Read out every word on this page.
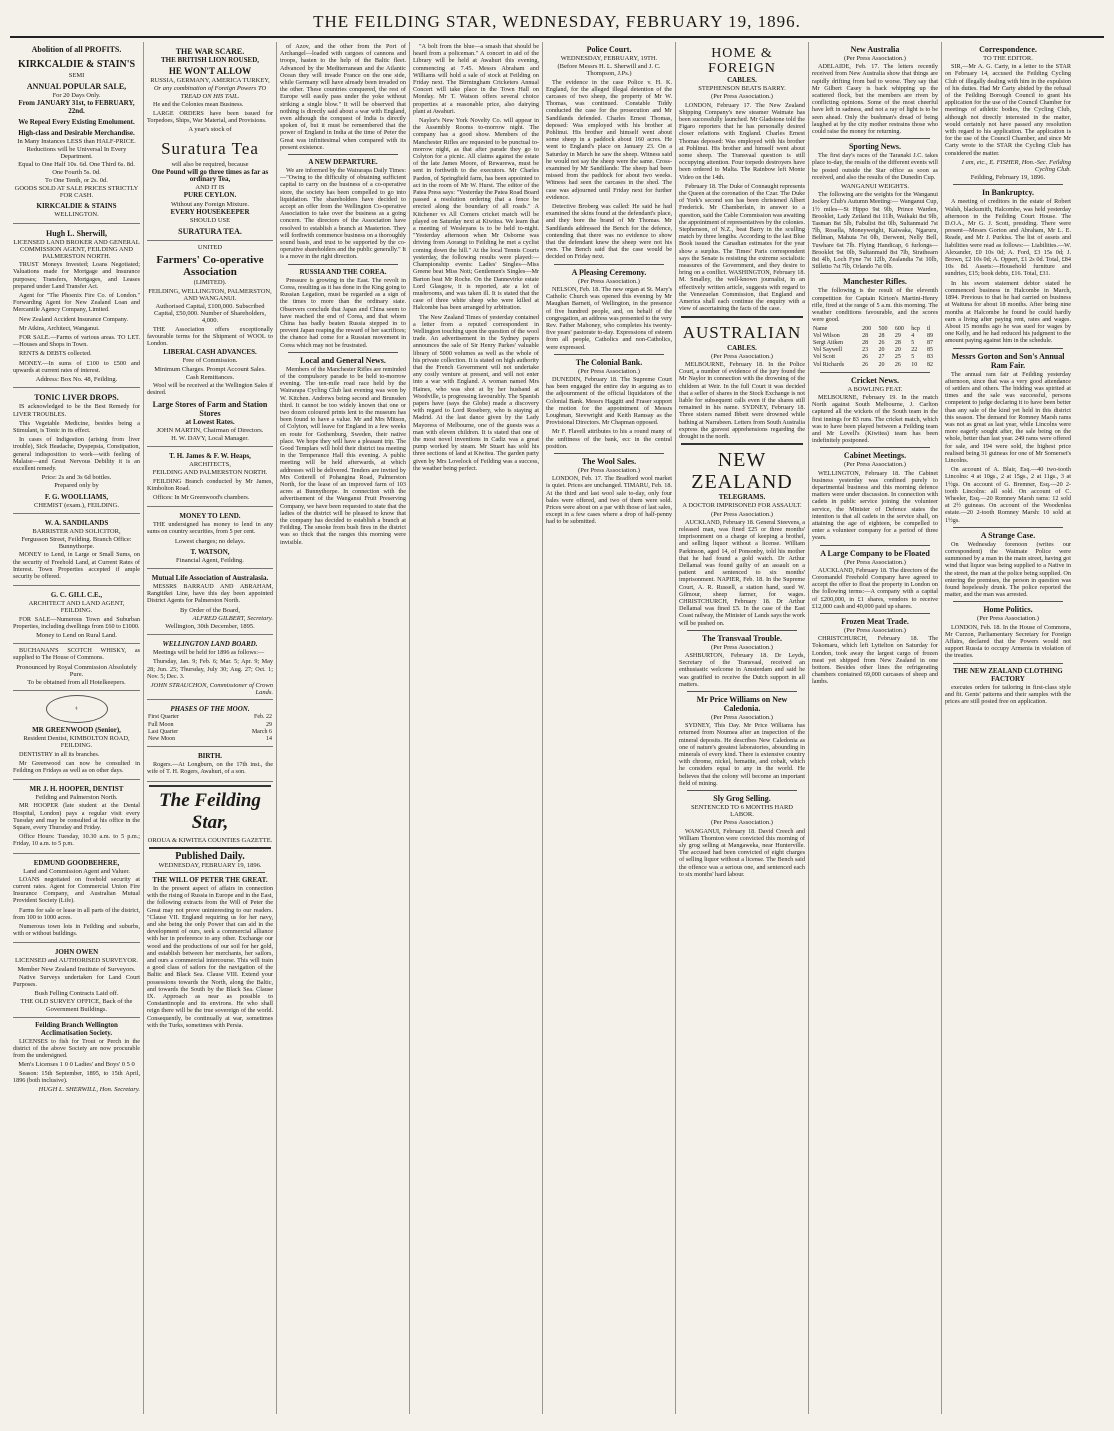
THE FEILDING STAR, WEDNESDAY, FEBRUARY 19, 1896.
Abolition of all PROFITS.
KIRKCALDIE & STAIN'S
SEMI
ANNUAL POPULAR SALE,
For 20 Days Only.
From JANUARY 31st, to FEBRUARY, 22nd.
We Repeal Every Existing Emolument.
High-class and Desirable Merchandise.
In Many Instances LESS than HALF-PRICE.
Reductions will be Universal In Every Department.
Equal to One Half 10s. 6d. One Third 6s. 8d. One Fourth 5s. 0d.
To One Tenth, or 2s. 0d.
GOODS SOLD AT SALE PRICES STRICTLY FOR CASH.
KIRKCALDIE & STAINS
WELLINGTON.
Hugh L. Sherwill,
LICENSED LAND BROKER AND GENERAL COMMISSION AGENT, FEILDING AND PALMERSTON NORTH.

TRUST Moneys Invested; Loans Negotiated; Valuations made for Mortgage and Insurance purposes; Transfers, Mortgages, and Leases prepared under Land Transfer Act.

Agent for "The Phoenix Fire Co. of London." Forwarding Agent for New Zealand Loan and Mercantile Agency Company, Limited.

New Zealand Accident Insurance Company.

Mr Atkins, Architect, Wanganui.

FOR SALE.—Farms of various areas. TO LET.—Houses and Shops in Town.

RENTS & DEBTS collected.

MONEY.—In sums of £100 to £500 and upwards at current rates of interest.

Address: Box No. 48, Feilding.
TONIC LIVER DROPS.

IS acknowledged to be the Best Remedy for LIVER TROUBLES.

This Vegetable Medicine, besides being a Stimulant, is Tonic in its effect.

In cases of Indigestion (arising from liver trouble), Sick Headache, Dyspepsia, Constipation, general indisposition to work—with feeling of Malaise—and Great Nervous Debility it is an excellent remedy.

Price: 2s and 3s 6d bottles.
Prepared only by
F. G. WOOLLIAMS,
CHEMIST (exam.), FEILDING.
W. A. SANDILANDS
BARRISTER AND SOLICITOR,
Fergusson Street, Feilding. Branch Office: Bunnythorpe.

MONEY to Lend, in Large or Small Sums, on the security of Freehold Land, at Current Rates of Interest. Town Properties accepted if ample security be offered.

G. C. GILL C.E.,
ARCHITECT AND LAND AGENT, FEILDING.

FOR SALE—Numerous Town and Suburban Properties, including dwellings from £60 to £1000.

Money to Lend on Rural Land.

BUCHANAN'S SCOTCH WHISKY, as supplied to The House of Commons.

Pronounced by Royal Commission Absolutely Pure.
To be obtained from all Hotelkeepers.
⚕
MR GREENWOOD (Senior),
Resident Dentist, KIMBOLTON ROAD, FEILDING.

DENTISTRY in all its branches.

Mr Greenwood can now be consulted in Feilding on Fridays as well as on other days.

MR J. H. HOOPER, DENTIST
Feilding and Palmerston North.

MR HOOPER (late student at the Dental Hospital, London) pays a regular visit every Tuesday and may be consulted at his office in the Square, every Thursday and Friday.

Office Hours: Tuesday, 10.30 a.m. to 5 p.m.; Friday, 10 a.m. to 5 p.m.

EDMUND GOODBEHERE,
Land and Commission Agent and Valuer.

LOANS negotiated on freehold security at current rates. Agent for Commercial Union Fire Insurance Company, and Australian Mutual Provident Society (Life).

Farms for sale or lease in all parts of the district, from 100 to 1000 acres.

Numerous town lots in Feilding and suburbs, with or without buildings.

JOHN OWEN
LICENSED and AUTHORISED SURVEYOR.
Member New Zealand Institute of Surveyors.

Native Surveys undertaken for Land Court Purposes.

Bush Felling Contracts Laid off.
THE OLD SURVEY OFFICE, Back of the Government Buildings.
Feilding Branch Wellington Acclimatisation Society.

LICENSES to fish for Trout or Perch in the district of the above Society are now procurable from the undersigned.

Men's Licenses 1 0 0 Ladies' and Boys' 0 5 0

Season: 15th September, 1895, to 15th April, 1896 (both inclusive).

HUGH L. SHERWILL, Hon. Secretary.
THE WAR SCARE.
THE BRITISH LION ROUSED,
HE WON'T ALLOW
RUSSIA, GERMANY, AMERICA TURKEY,
Or any combination of Foreign Powers TO TREAD ON HIS TAIL.

He and the Colonies mean Business.

LARGE ORDERS have been issued for Torpedoes, Ships, War Material, and Provisions.

A year's stock of
Suratura Tea
will also be required, because
One Pound will go three times as far as ordinary Tea,
AND IT IS
PURE CEYLON.
Without any Foreign Mixture.
EVERY HOUSEKEEPER
SHOULD USE
SURATURA TEA.
UNITED
Farmers' Co-operative Association
(LIMITED).
FEILDING, WELLINGTON, PALMERSTON, AND WANGANUI.
Authorised Capital, £100,000. Subscribed Capital, £50,000. Number of Shareholders, 4,000.

THE Association offers exceptionally favourable terms for the Shipment of WOOL to London.

LIBERAL CASH ADVANCES.
Free of Commission.
Minimum Charges. Prompt Account Sales.
Cash Remittances.

Wool will be received at the Wellington Sales if desired.

Large Stores of Farm and Station Stores
at Lowest Rates.
JOHN MARTIN, Chairman of Directors.
H. W. DAVY, Local Manager.
T. H. James & F. W. Heaps,
ARCHITECTS,
FEILDING AND PALMERSTON NORTH.

FEILDING Branch conducted by Mr James, Kimbolton Road.

Offices: In Mr Greenwood's chambers.

MONEY TO LEND.

THE undersigned has money to lend in any sums on country securities, from 5 per cent.

Lowest charges; no delays.
T. WATSON,
Financial Agent, Feilding.
Mutual Life Association of Australasia.

MESSRS BARRAUD AND ABRAHAM, Rangitikei Line, have this day been appointed District Agents for Palmerston North.

By Order of the Board,
ALFRED GILBERT, Secretary.
Wellington, 30th December, 1895.
WELLINGTON LAND BOARD.

Meetings will be held for 1896 as follows:—

Thursday, Jan. 9; Feb. 6; Mar. 5; Apr. 9; May 28; Jun. 25; Thursday, July 30; Aug. 27; Oct. 1; Nov. 5; Dec. 3.

JOHN STRAUCHON, Commissioner of Crown Lands.
PHASES OF THE MOON.
First Quarter	Feb. 22
Full Moon	29
Last Quarter	March 6
New Moon	14
BIRTH.

Rogers.—At Longburn, on the 17th inst., the wife of T. H. Rogers, Awahuri, of a son.

The Feilding Star,
OROUA & KIWITEA COUNTIES GAZETTE.
Published Daily.
WEDNESDAY, FEBRUARY 19, 1896.
THE WILL OF PETER THE GREAT.

In the present aspect of affairs in connection with the rising of Russia in Europe and in the East, the following extracts from the Will of Peter the Great may not prove uninteresting to our readers. "Clause VII. England requiring us for her navy, and she being the only Power that can aid in the development of ours, seek a commercial alliance with her in preference to any other. Exchange our wood and the productions of our soil for her gold, and establish between her merchants, her sailors, and ours a commercial intercourse. This will train a good class of sailors for the navigation of the Baltic and Black Sea. Clause VIII. Extend your possessions towards the North, along the Baltic, and towards the South by the Black Sea. Clause IX. Approach as near as possible to Constantinople and its environs. He who shall reign there will be the true sovereign of the world. Consequently, be continually at war, sometimes with the Turks, sometimes with Persia.

of Azov, and the other from the Port of Archangel—loaded with cargoes of cannons and troops, hasten to the help of the Baltic fleet. Advanced by the Mediterranean and the Atlantic Ocean they will invade France on the one side, while Germany will have already been invaded on the other. These countries conquered, the rest of Europe will easily pass under the yoke without striking a single blow." It will be observed that nothing is directly said about a war with England, even although the conquest of India is directly spoken of, but it must be remembered that the power of England in India at the time of Peter the Great was infinitesimal when compared with its present existence.

A NEW DEPARTURE.

We are informed by the Wairarapa Daily Times:—"Owing to the difficulty of obtaining sufficient capital to carry on the business of a co-operative store, the society has been compelled to go into liquidation. The shareholders have decided to accept an offer from the Wellington Co-operative Association to take over the business as a going concern. The directors of the Association have resolved to establish a branch at Masterton. They will forthwith commence business on a thoroughly sound basis, and trust to be supported by the co-operative shareholders and the public generally." It is a move in the right direction.

RUSSIA AND THE COREA.

Pressure is growing in the East. The revolt in Corea, resulting as it has done in the King going to Russian Legation, must be regarded as a sign of the times to more than the ordinary state. Observers conclude that Japan and China seem to have reached the end of Corea, and that whom China has badly beaten Russia stepped in to prevent Japan reaping the reward of her sacrifices; the chance had come for a Russian movement in Corea which may not be frustrated.

Local and General News.

Members of the Manchester Rifles are reminded of the compulsory parade to be held to-morrow evening. The ten-mile road race held by the Wairarapa Cycling Club last evening was won by W. Kitchen. Andrews being second and Brunsden third. It cannot be too widely known that one or two dozen coloured prints lent to the museum has been found to have a value. Mr and Mrs Mitson, of Colyton, will leave for England in a few weeks en route for Gothenburg, Sweden, their native place. We hope they will have a pleasant trip. The Good Templars will hold their district tea meeting in the Temperance Hall this evening. A public meeting will be held afterwards, at which addresses will be delivered. Tenders are invited by Mrs Cotterell of Pohangina Road, Palmerston North, for the lease of an improved farm of 103 acres at Bunnythorpe. In connection with the advertisement of the Wanganui Fruit Preserving Company, we have been requested to state that the ladies of the district will be pleased to know that the company has decided to establish a branch at Feilding. The smoke from bush fires in the district was so thick that the ranges this morning were invisible.

"A bolt from the blue—a smash that should be heard from a policeman." A concert in aid of the Library will be held at Awahuri this evening, commencing at 7.45. Messrs Abraham and Williams will hold a sale of stock at Feilding on Friday next. The Birmingham Cricketers Annual Concert will take place in the Town Hall on Monday. Mr T. Watson offers several choice properties at a reasonable price, also dairying plant at Awahuri.

Naylor's New York Novelty Co. will appear in the Assembly Rooms to-morrow night. The company has a good show. Members of the Manchester Rifles are requested to be punctual to-morrow night, as that after parade they go to Colyton for a picnic. All claims against the estate of the late James Moore, of Rewarewa, must be sent in forthwith to the executors. Mr Charles Pardon, of Springfield farm, has been appointed to act in the room of Mr W. Hurst. The editor of the Patea Press says: "Yesterday the Patea Road Board passed a resolution ordering that a fence be erected along the boundary of all roads." A Kitchener vs All Comers cricket match will be played on Saturday next at Kiwitea. We learn that a meeting of Wesleyans is to be held to-night. "Yesterday afternoon when Mr Osborne was driving from Aorangi to Feilding he met a cyclist coming down the hill." At the local Tennis Courts yesterday, the following results were played:— Championship events: Ladies' Singles—Miss Greene beat Miss Nott; Gentlemen's Singles—Mr Barton beat Mr Roche. On the Dannevirke estate Lord Glasgow, it is reported, ate a lot of mushrooms, and was taken ill. It is stated that the case of three white sheep who were killed at Halcombe has been arranged by arbitration.

The New Zealand Times of yesterday contained a letter from a reputed correspondent in Wellington touching upon the question of the wool trade. An advertisement in the Sydney papers announces the sale of Sir Henry Parkes' valuable library of 5000 volumes as well as the whole of his private collection. It is stated on high authority that the French Government will not undertake any costly venture at present, and will not enter into a war with England. A woman named Mrs Haines, who was shot at by her husband at Woodville, is progressing favourably. The Spanish papers have (says the Globe) made a discovery with regard to Lord Rosebery, who is staying at Madrid. At the last dance given by the Lady Mayoress of Melbourne, one of the guests was a man with eleven children. It is stated that one of the most novel inventions in Cadiz was a great pump worked by steam. Mr Stuart has sold his three sections of land at Kiwitea. The garden party given by Mrs Lovelock of Feilding was a success, the weather being perfect.

Police Court.
WEDNESDAY, FEBRUARY, 19TH.
(Before Messrs H. L. Sherwill and J. C. Thompson, J.Ps.)

The evidence in the case Police v. H. K. England, for the alleged illegal detention of the carcases of two sheep, the property of Mr W. Thomas, was continued. Constable Tiddy conducted the case for the prosecution and Mr Sandilands defended. Charles Ernest Thomas, deposed: Was employed with his brother at Pohlinui. His brother and himself went about some sheep in a paddock about 160 acres. He went to England's place on January 23. On a Saturday in March he saw the sheep. Witness said he would not say the sheep were the same. Cross-examined by Mr Sandilands: The sheep had been missed from the paddock for about two weeks. Witness had seen the carcases in the shed. The case was adjourned until Friday next for further evidence.

Detective Broberg was called: He said he had examined the skins found at the defendant's place, and they bore the brand of Mr Thomas. Mr Sandilands addressed the Bench for the defence, contending that there was no evidence to show that the defendant knew the sheep were not his own. The Bench said that the case would be decided on Friday next.

A Pleasing Ceremony.
(Per Press Association.)

NELSON, Feb. 18. The new organ at St. Mary's Catholic Church was opened this evening by Mr Maughan Barnett, of Wellington, in the presence of five hundred people, and, on behalf of the congregation, an address was presented to the very Rev. Father Mahoney, who completes his twenty-five years' pastorate to-day. Expressions of esteem from all people, Catholics and non-Catholics, were expressed.

The Colonial Bank.
(Per Press Association.)

DUNEDIN, February 18. The Supreme Court has been engaged the entire day in arguing as to the adjournment of the official liquidators of the Colonial Bank. Messrs Haggitt and Fraser support the motion for the appointment of Messrs Loughnan, Sievwright and Keith Ramsay as the Provisional Directors. Mr Chapman opposed.

Mr F. Flavell attributes to his a round many of the unfitness of the bank, ecc in the central position.

The Wool Sales.
(Per Press Association.)

LONDON, Feb. 17. The Bradford wool market is quiet. Prices are unchanged. TIMARU, Feb. 18. At the third and last wool sale to-day, only four bales were offered, and two of them were sold. Prices were about on a par with those of last sales, except in a few cases where a drop of half-penny had to be submitted.

HOME & FOREIGN
CABLES.
STEPHENSON BEATS BARRY.
(Per Press Association.)

LONDON, February 17. The New Zealand Shipping Company's new steamer Waimate has been successfully launched. Mr Gladstone told the Figaro reporters that he has personally desired closer relations with England. Charles Ernest Thomas deposed: Was employed with his brother at Pohlinui. His brother and himself went about some sheep. The Transvaal question is still occupying attention. Four torpedo destroyers have been ordered to Malta. The Rainbow left Monte Video on the 14th.

February 18. The Duke of Connaught represents the Queen at the coronation of the Czar. The Duke of York's second son has been christened Albert Frederick. Mr Chamberlain, in answer to a question, said the Cable Commission was awaiting the appointment of representatives by the colonies. Stephenson, of N.Z., beat Barry in the sculling match by three lengths. According to the last Blue Book issued the Canadian estimates for the year show a surplus. The Times' Paris correspondent says the Senate is resisting the extreme socialistic measures of the Government, and they desire to bring on a conflict. WASHINGTON, February 18. M. Smalley, the well-known journalist, in an effectively written article, suggests with regard to the Venezuelan Commission, that England and America shall each continue the enquiry with a view of ascertaining the facts of the case.

AUSTRALIAN
CABLES.
(Per Press Association.)

MELBOURNE, February 18. In the Police Court, a number of evidence of the jury found the Mr Naylor in connection with the drowning of the children at Weir. In the full Court it was decided that a seller of shares in the Stock Exchange is not liable for subsequent calls even if the shares still remained in his name. SYDNEY, February 18. Three sisters named Ibbett were drowned while bathing at Narrabeen. Letters from South Australia express the gravest apprehensions regarding the drought in the north.

NEW ZEALAND
TELEGRAMS.
A DOCTOR IMPRISONED FOR ASSAULT.
(Per Press Association.)

AUCKLAND, February 18. General Steevens, a released man, was fined £25 or three months' imprisonment on a charge of keeping a brothel, and selling liquor without a license. William Parkinson, aged 14, of Ponsonby, told his mother that he had found a gold watch. Dr Arthur Dellamal was found guilty of an assault on a patient and sentenced to six months' imprisonment. NAPIER, Feb. 18. In the Supreme Court, A. R. Russell, a station hand, sued W. Gilmour, sheep farmer, for wages. CHRISTCHURCH, February 18. Dr Arthur Dellamal was fined £5. In the case of the East Coast railway, the Minister of Lands says the work will be pushed on.

The Transvaal Trouble.
(Per Press Association.)

ASHBURTON, February 18. Dr Leyds, Secretary of the Transvaal, received an enthusiastic welcome in Amsterdam and said he was gratified to receive the Dutch support in all matters.

Mr Price Williams on New Caledonia.
(Per Press Association.)

SYDNEY, This Day. Mr Price Williams has returned from Noumea after an inspection of the mineral deposits. He describes New Caledonia as one of nature's greatest laboratories, abounding in minerals of every kind. There is extensive country with chrome, nickel, hematite, and cobalt, which he considers equal to any in the world. He believes that the colony will become an important field of mining.

Sly Grog Selling.
SENTENCED TO 6 MONTHS HARD LABOR.
(Per Press Association.)

WANGANUI, February 18. David Creech and William Thornton were convicted this morning of sly grog selling at Mangaweka, near Hunterville. The accused had been convicted of eight charges of selling liquor without a license. The Bench said the offence was a serious one, and sentenced each to six months' hard labour.

New Australia
(Per Press Association.)

ADELAIDE, Feb. 17. The letters recently received from New Australia show that things are rapidly drifting from bad to worse. They say that Mr Gilbert Casey is back whipping up the scattered flock, but the members are riven by conflicting opinions. Some of the most cheerful have left in sadness, and not a ray of light is to be seen ahead. Only the bushman's dread of being laughed at by the city mother restrains those who could raise the money for returning.

Sporting News.

The first day's races of the Taranaki J.C. takes place to-day, the results of the different events will be posted outside the Star office as soon as received, and also the results of the Dunedin Cup.

WANGANUI WEIGHTS.

The following are the weights for the Wanganui Jockey Club's Autumn Meeting:— Wanganui Cup, 1½ miles—St Hippo 9st 9lb, Prince Warden, Brooklet, Lady Zetland 8st 11lb, Waikaki 8st 9lb, Tasman 8st 5lb, Fabulist 8st 0lb, Sultanmaid 7st 7lb, Rosella, Moneyweight, Kaiwaka, Ngaruru, Bellman, Mahuta 7st 0lb, Derwent, Nelly Bell, Tuwhare 6st 7lb. Flying Handicap, 6 furlongs—Brooklet 9st 0lb, Sultanmaid 8st 7lb, Strathearn 8st 4lb, Loch Fyne 7st 12lb, Zealandia 7st 10lb, Stilletto 7st 7lb, Orlando 7st 0lb.

Manchester Rifles.

The following is the result of the eleventh competition for Captain Kirton's Martini-Henry rifle, fired at the range of 5 a.m. this morning. The weather conditions favourable, and the scores were good.

Name	200	500	600	hcp	tl
Vol Wilson	28	28	29	4	89
Sergt Aitken	28	26	28	5	87
Vol Saywell	23	20	20	22	85
Vol Scott	26	27	25	5	83
Vol Richards	26	20	26	10	82
Cricket News.
A BOWLING FEAT.

MELBOURNE, February 19. In the match North against South Melbourne, J. Carlton captured all the wickets of the South team in the first innings for 83 runs. The cricket match, which was to have been played between a Feilding team and Mr Lovell's (Kiwitea) team has been indefinitely postponed.

Cabinet Meetings.
(Per Press Association.)

WELLINGTON, February 18. The Cabinet business yesterday was confined purely to departmental business and this morning defence matters were under discussion. In connection with cadets in public service joining the volunteer service, the Minister of Defence states the intention is that all cadets in the service shall, on attaining the age of eighteen, be compelled to enter a volunteer company for a period of three years.

A Large Company to be Floated
(Per Press Association.)

AUCKLAND, February 18. The directors of the Coromandel Freehold Company have agreed to accept the offer to float the property in London on the following terms:—A company with a capital of £200,000, in £1 shares, vendors to receive £12,000 cash and 40,000 paid up shares.

Frozen Meat Trade.
(Per Press Association.)

CHRISTCHURCH, February 18. The Tokomaru, which left Lyttelton on Saturday for London, took away the largest cargo of frozen meat yet shipped from New Zealand in one bottom. Besides other lines the refrigerating chambers contained 69,000 carcases of sheep and lambs.

Correspondence.
TO THE EDITOR.

SIR,—Mr A. G. Carty, in a letter to the STAR on February 14, accused the Feilding Cycling Club of illegally dealing with him in the expulsion of his duties. Had Mr Carty abided by the refusal of the Feilding Borough Council to grant his application for the use of the Council Chamber for meetings of athletic bodies, the Cycling Club, although not directly interested in the matter, would certainly not have passed any resolution with regard to his application. The application is for the use of the Council Chamber, and since Mr Carty wrote to the STAR the Cycling Club has considered the matter.

I am, etc., E. FISHER, Hon.-Sec. Feilding Cycling Club.
Feilding, February 19, 1896.
In Bankruptcy.

A meeting of creditors in the estate of Robert Walsh, blacksmith, Halcombe, was held yesterday afternoon in the Feilding Court House. The D.O.A., Mr G. J. Scott, presiding. There were present—Messrs Gorton and Abraham, Mr L. E. Reade, and Mr J. Purkiss. The list of assets and liabilities were read as follows:— Liabilities.—W. Alexander, £0 10s 0d; A. Ford, £3 15s 0d; J. Brown, £2 10s 0d; A. Oppert, £1 2s 0d. Total, £84 10s 8d. Assets:—Household furniture and sundries, £15; book debts, £16. Total, £31.

In his sworn statement debtor stated he commenced business in Halcombe in March, 1894. Previous to that he had carried on business at Waituna for about 18 months. After being nine months at Halcombe he found he could hardly earn a living after paying rent, rates and wages. About 15 months ago he was sued for wages by one Kelly, and he had reduced his judgment to the amount paying against him in the schedule.

Messrs Gorton and Son's Annual Ram Fair.

The annual ram fair at Feilding yesterday afternoon, since that was a very good attendance of settlers and others. The bidding was spirited at times and the sale was successful, persons competent to judge declaring it to have been better than any sale of the kind yet held in this district this season. The demand for Romney Marsh rams was not as great as last year, while Lincolns were more eagerly sought after, the sale being on the whole, better than last year. 249 rams were offered for sale, and 194 were sold, the highest price realised being 31 guineas for one of Mr Somerset's Lincolns.

On account of A. Blair, Esq.—40 two-tooth Lincolns: 4 at 10gs., 2 at 15gs., 2 at 11gs., 3 at 1½gs. On account of G. Bremner, Esq.—20 2-tooth Lincolns: all sold. On account of C. Wheeler, Esq.—20 Romney Marsh rams: 12 sold at 2½ guineas. On account of the Woodenlea estate.—20 2-tooth Romney Marsh: 10 sold at 1½gs.

A Strange Case.

On Wednesday forenoon (writes our correspondent) the Waimate Police were summoned by a man in the main street, having got wind that liquor was being supplied to a Native in the street, the man at the police being supplied. On entering the premises, the person in question was found hopelessly drunk. The police reported the matter, and the man was arrested.

Home Politics.
(Per Press Association.)

LONDON, Feb. 18. In the House of Commons, Mr Curzon, Parliamentary Secretary for Foreign Affairs, declared that the Powers would not support Russia to occupy Armenia in violation of the treaties.

THE NEW ZEALAND CLOTHING FACTORY

executes orders for tailoring in first-class style and fit. Gents' patterns and their samples with the prices are still posted free on application.
